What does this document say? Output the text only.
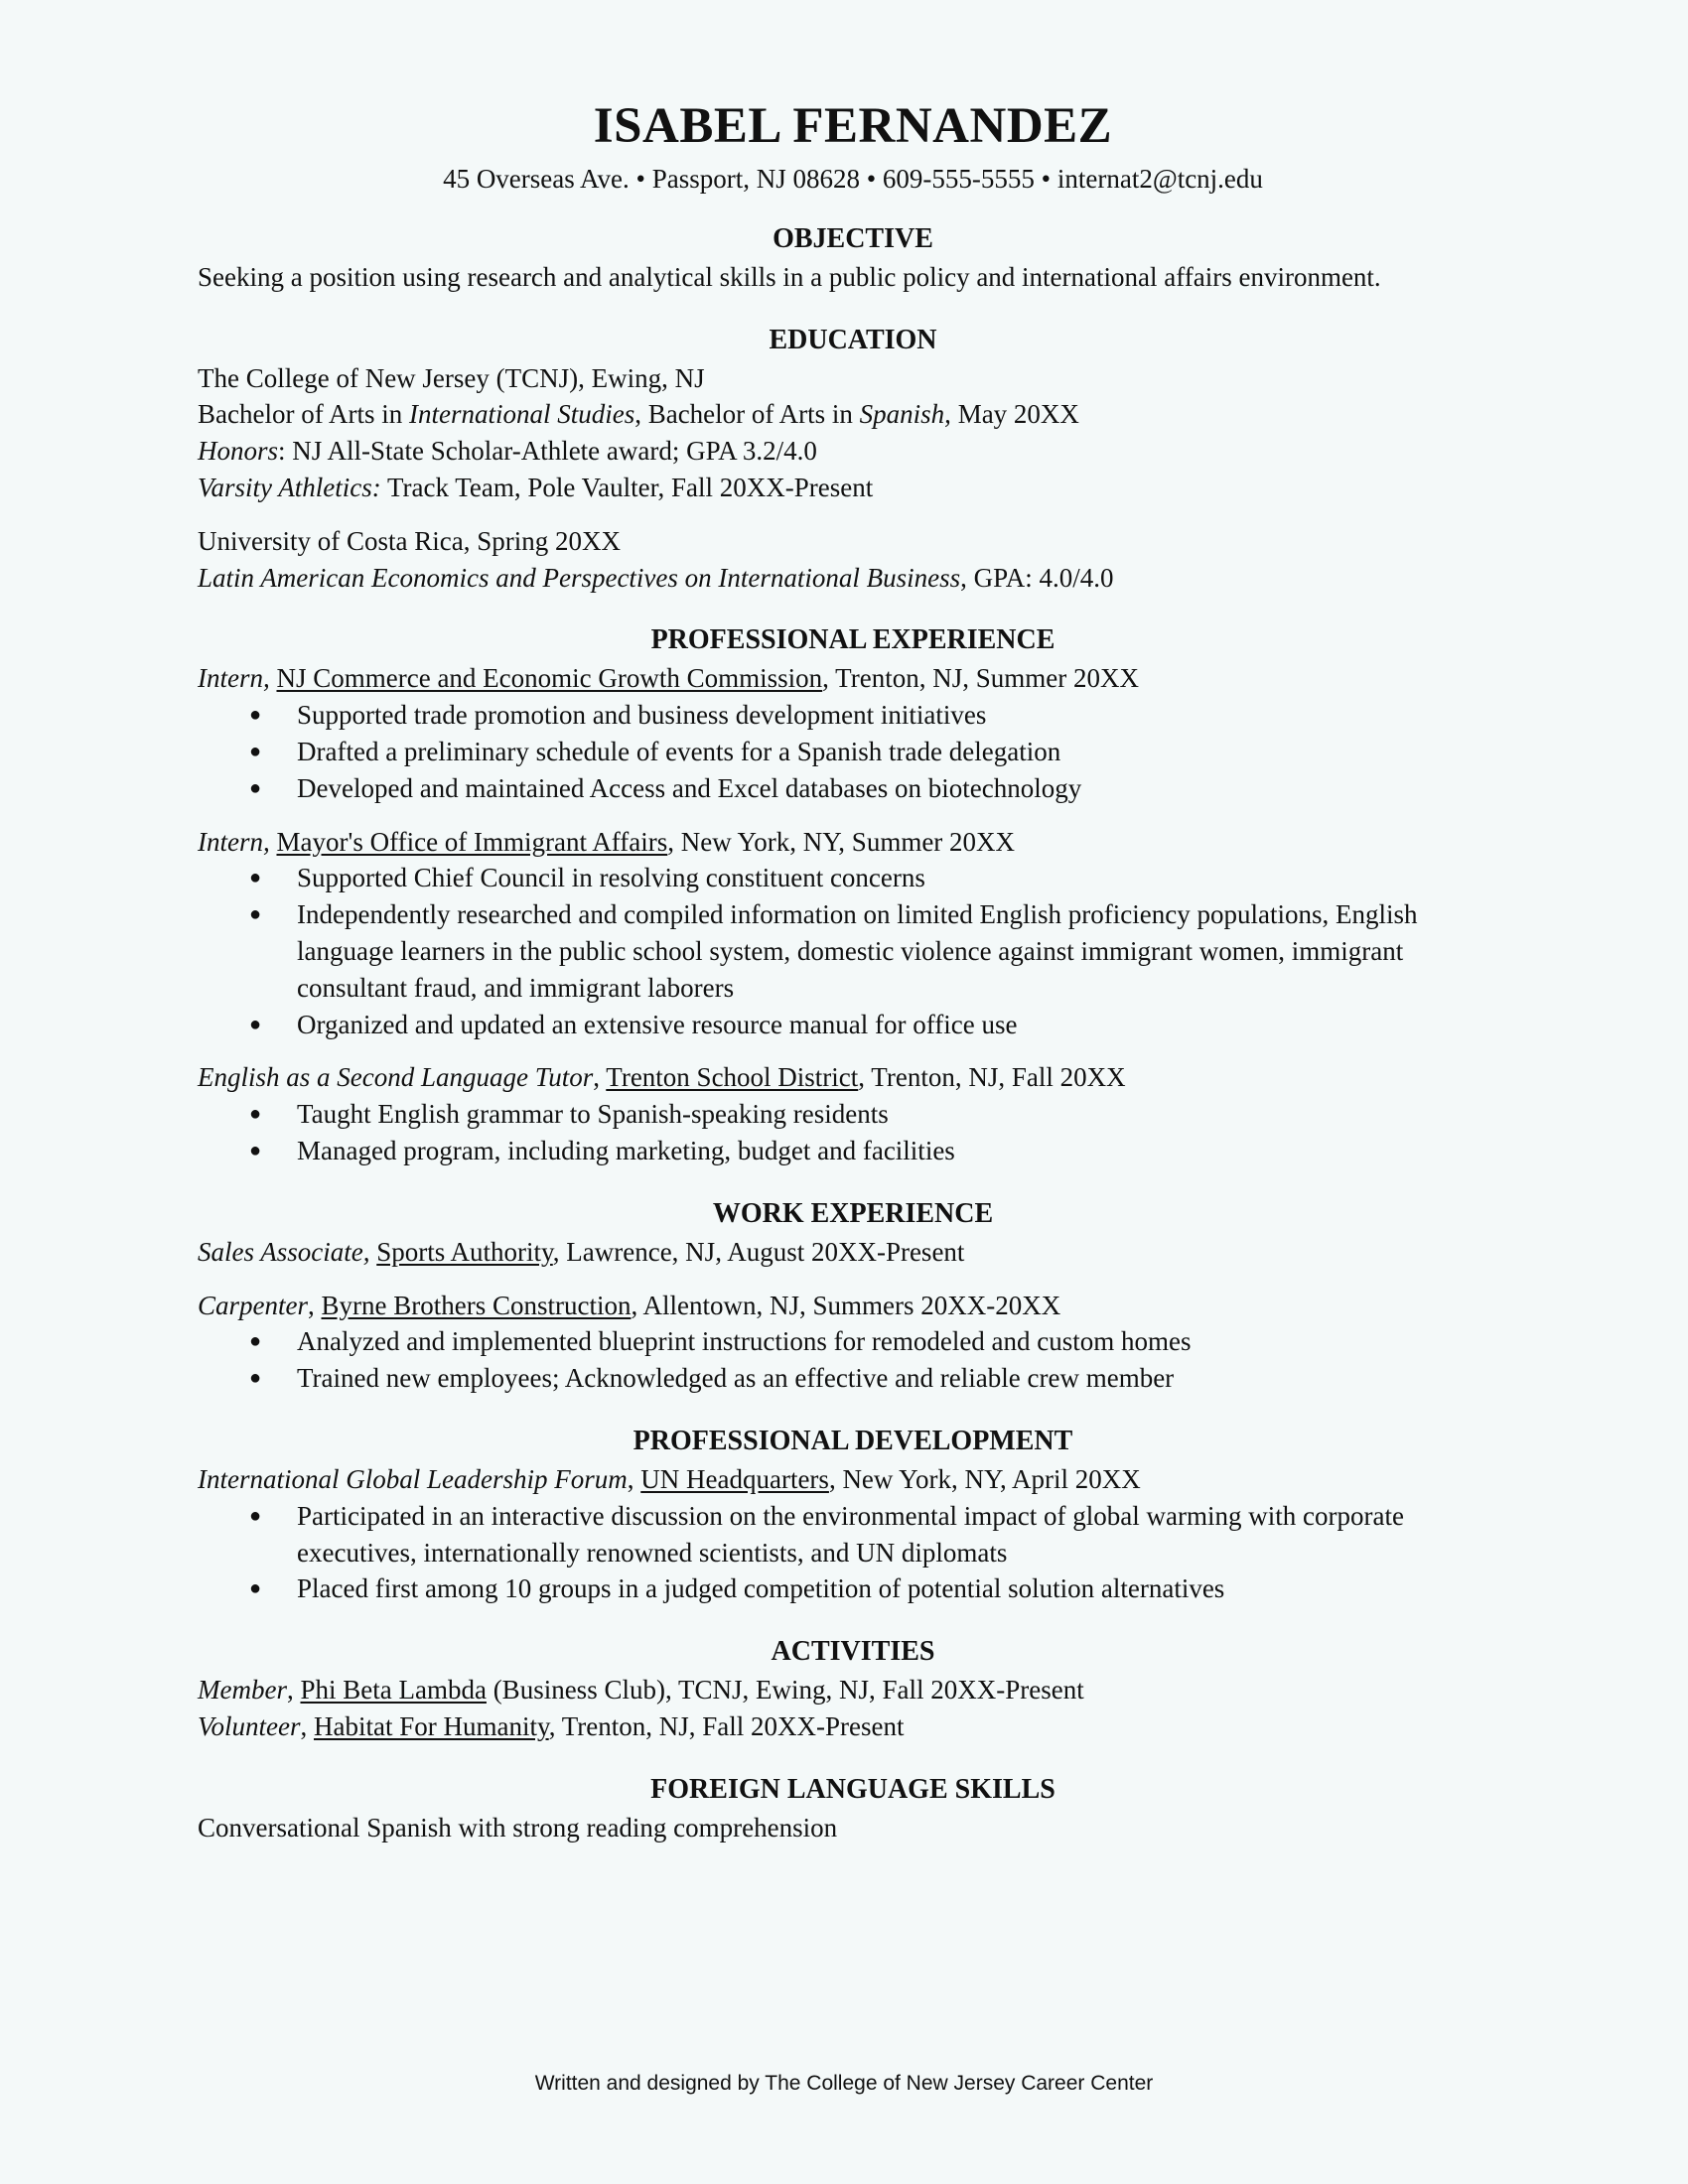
ISABEL FERNANDEZ
45 Overseas Ave. • Passport, NJ 08628 • 609-555-5555 • internat2@tcnj.edu
OBJECTIVE

Seeking a position using research and analytical skills in a public policy and international affairs environment.

EDUCATION

The College of New Jersey (TCNJ), Ewing, NJ

Bachelor of Arts in International Studies, Bachelor of Arts in Spanish, May 20XX

Honors: NJ All-State Scholar-Athlete award; GPA 3.2/4.0

Varsity Athletics: Track Team, Pole Vaulter, Fall 20XX-Present

University of Costa Rica, Spring 20XX

Latin American Economics and Perspectives on International Business, GPA: 4.0/4.0

PROFESSIONAL EXPERIENCE

Intern, NJ Commerce and Economic Growth Commission, Trenton, NJ, Summer 20XX

● Supported trade promotion and business development initiatives
● Drafted a preliminary schedule of events for a Spanish trade delegation
● Developed and maintained Access and Excel databases on biotechnology

Intern, Mayor's Office of Immigrant Affairs, New York, NY, Summer 20XX

● Supported Chief Council in resolving constituent concerns
● Independently researched and compiled information on limited English proficiency populations, English language learners in the public school system, domestic violence against immigrant women, immigrant consultant fraud, and immigrant laborers
● Organized and updated an extensive resource manual for office use

English as a Second Language Tutor, Trenton School District, Trenton, NJ, Fall 20XX

● Taught English grammar to Spanish-speaking residents
● Managed program, including marketing, budget and facilities
WORK EXPERIENCE

Sales Associate, Sports Authority, Lawrence, NJ, August 20XX-Present

Carpenter, Byrne Brothers Construction, Allentown, NJ, Summers 20XX-20XX

● Analyzed and implemented blueprint instructions for remodeled and custom homes
● Trained new employees; Acknowledged as an effective and reliable crew member
PROFESSIONAL DEVELOPMENT

International Global Leadership Forum, UN Headquarters, New York, NY, April 20XX

● Participated in an interactive discussion on the environmental impact of global warming with corporate executives, internationally renowned scientists, and UN diplomats
● Placed first among 10 groups in a judged competition of potential solution alternatives
ACTIVITIES

Member, Phi Beta Lambda (Business Club), TCNJ, Ewing, NJ, Fall 20XX-Present

Volunteer, Habitat For Humanity, Trenton, NJ, Fall 20XX-Present

FOREIGN LANGUAGE SKILLS

Conversational Spanish with strong reading comprehension

Written and designed by The College of New Jersey Career Center
